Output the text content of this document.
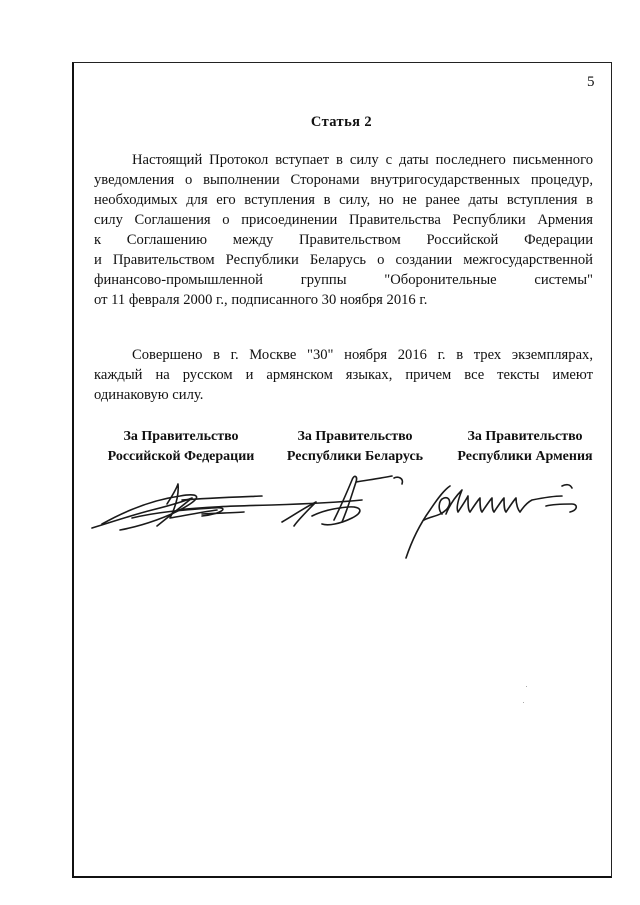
5
Статья 2
Настоящий Протокол вступает в силу с даты последнего письменного
уведомления о выполнении Сторонами внутригосударственных процедур,
необходимых для его вступления в силу, но не ранее даты вступления в
силу Соглашения о присоединении Правительства Республики Армения
к Соглашению между Правительством Российской Федерации
и Правительством Республики Беларусь о создании межгосударственной
финансово-промышленной группы "Оборонительные системы"
от 11 февраля 2000 г., подписанного 30 ноября 2016 г.
Совершено в г. Москве "30" ноября 2016 г. в трех экземплярах,
каждый на русском и армянском языках, причем все тексты имеют
одинаковую силу.
За Правительство
Российской Федерации
За Правительство
Республики Беларусь
За Правительство
Республики Армения
